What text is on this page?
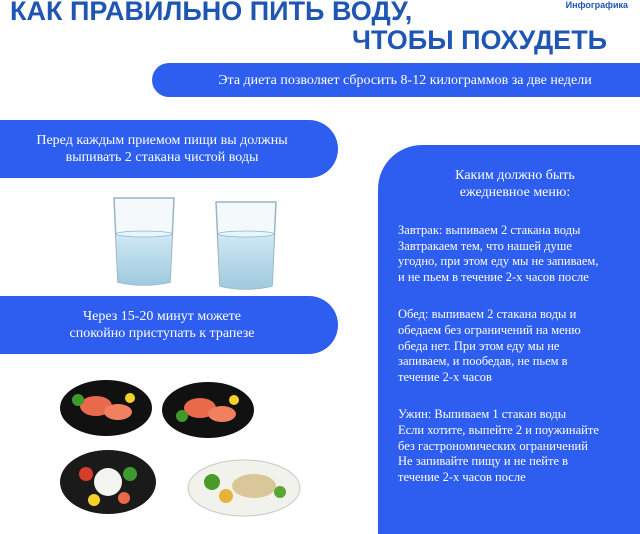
КАК ПРАВИЛЬНО ПИТЬ ВОДУ,
ЧТОБЫ ПОХУДЕТЬ
Инфографика
Эта диета позволяет сбросить 8-12 килограммов за две недели
Перед каждым приемом пищи вы должны
выпивать 2 стакана чистой воды
Через 15-20 минут можете
спокойно приступать к трапезе
Каким должно быть
ежедневное меню:
Завтрак: выпиваем 2 стакана воды
Завтракаем тем, что нашей душе
угодно, при этом еду мы не запиваем,
и не пьем в течение 2-х часов после
Обед: выпиваем 2 стакана воды и
обедаем без ограничений на меню
обеда нет. При этом еду мы не
запиваем, и пообедав, не пьем в
течение 2-х часов
Ужин: Выпиваем 1 стакан воды
Если хотите, выпейте 2 и поужинайте
без гастрономических ограничений
Не запивайте пищу и не пейте в
течение 2-х часов после
